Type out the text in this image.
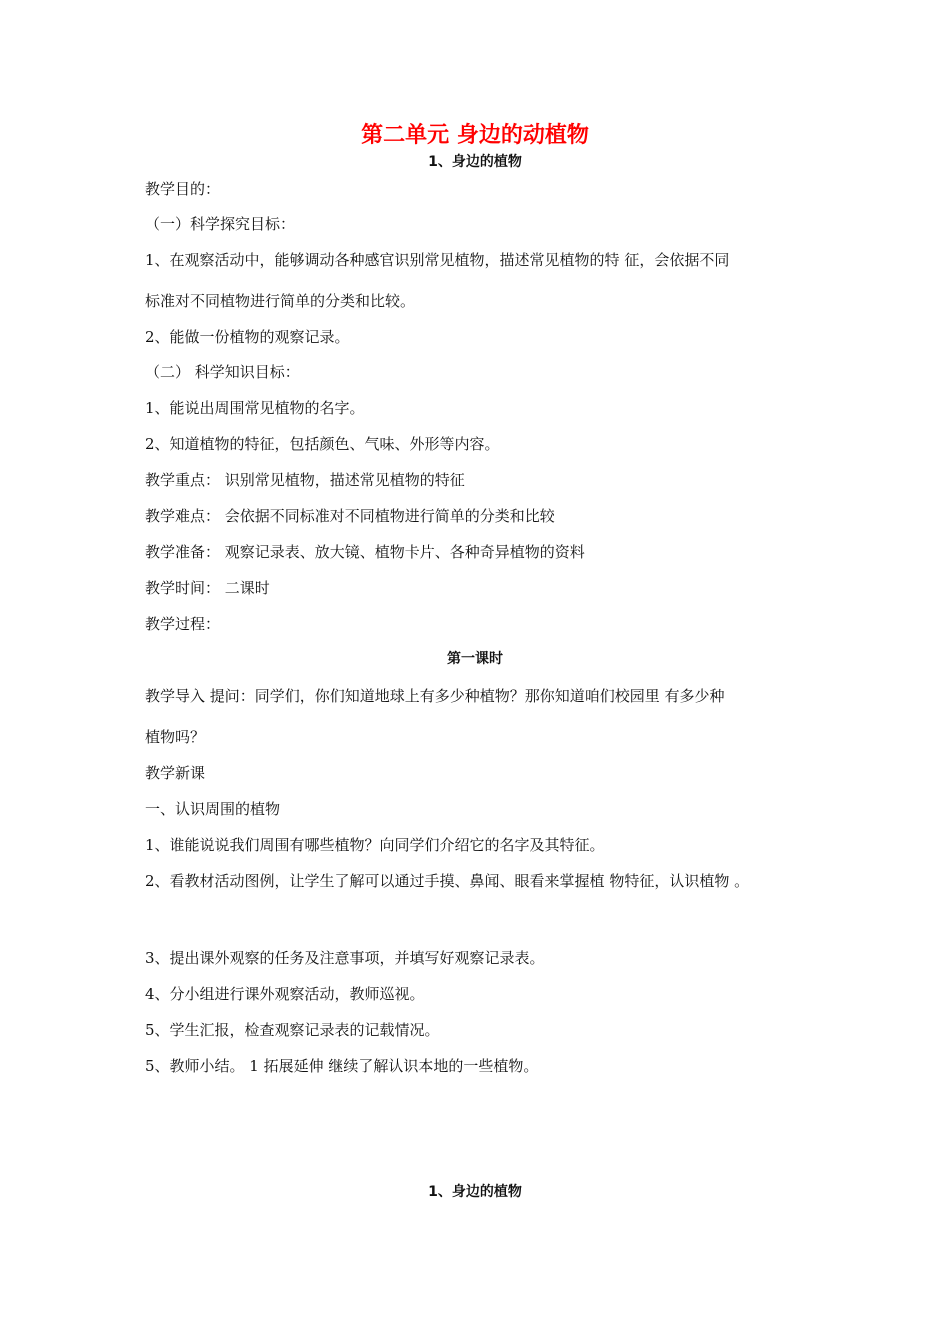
第二单元 身边的动植物
1、身边的植物
教学目的：
（一）科学探究目标：
1、在观察活动中，能够调动各种感官识别常见植物，描述常见植物的特 征，会依据不同
标准对不同植物进行简单的分类和比较。
2、能做一份植物的观察记录。
（二） 科学知识目标：
1、能说出周围常见植物的名字。
2、知道植物的特征，包括颜色、气味、外形等内容。
教学重点： 识别常见植物，描述常见植物的特征
教学难点： 会依据不同标准对不同植物进行简单的分类和比较
教学准备： 观察记录表、放大镜、植物卡片、各种奇异植物的资料
教学时间： 二课时
教学过程：
第一课时
教学导入 提问：同学们，你们知道地球上有多少种植物？那你知道咱们校园里 有多少种
植物吗？
教学新课
一、认识周围的植物
1、谁能说说我们周围有哪些植物？向同学们介绍它的名字及其特征。
2、看教材活动图例，让学生了解可以通过手摸、鼻闻、眼看来掌握植 物特征，认识植物 。
3、提出课外观察的任务及注意事项，并填写好观察记录表。
4、分小组进行课外观察活动，教师巡视。
5、学生汇报，检查观察记录表的记载情况。
5、教师小结。 1 拓展延伸 继续了解认识本地的一些植物。
1、身边的植物
